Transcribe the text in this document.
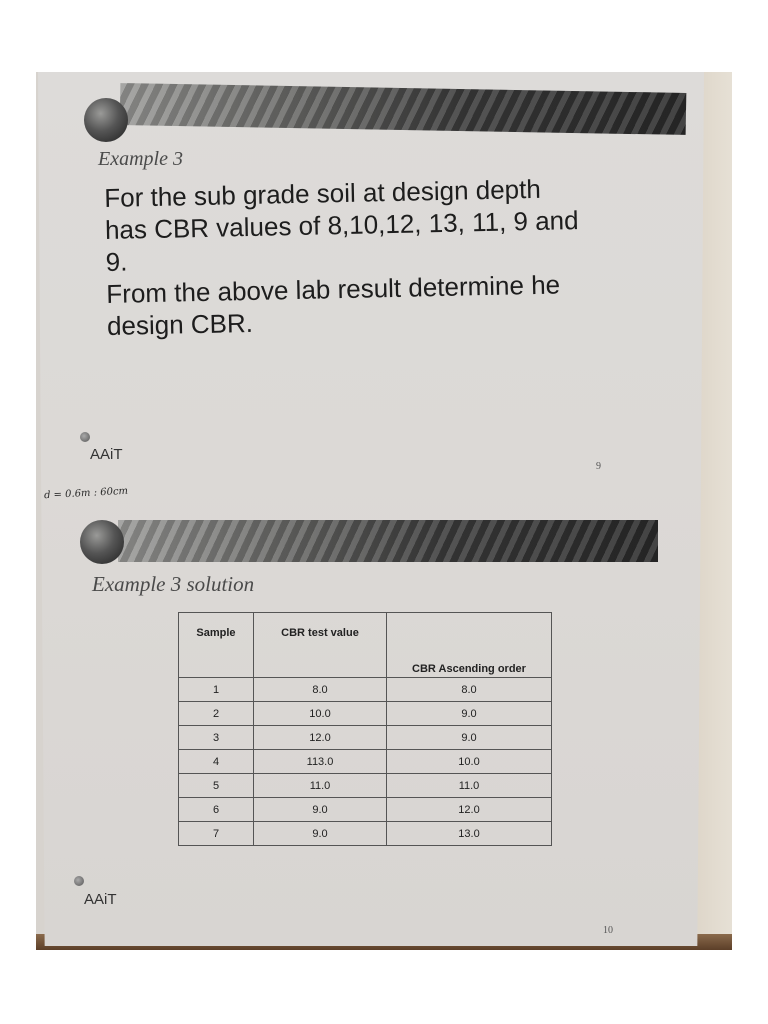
Example 3

For the sub grade soil at design depth

has CBR values of 8,10,12, 13, 11, 9 and

9.

From the above lab result determine he

design CBR.

AAiT
9
d = 0.6m : 60cm
Example 3 solution
Sample	CBR test value	CBR Ascending order
1	8.0	8.0
2	10.0	9.0
3	12.0	9.0
4	113.0	10.0
5	11.0	11.0
6	9.0	12.0
7	9.0	13.0
AAiT
10
